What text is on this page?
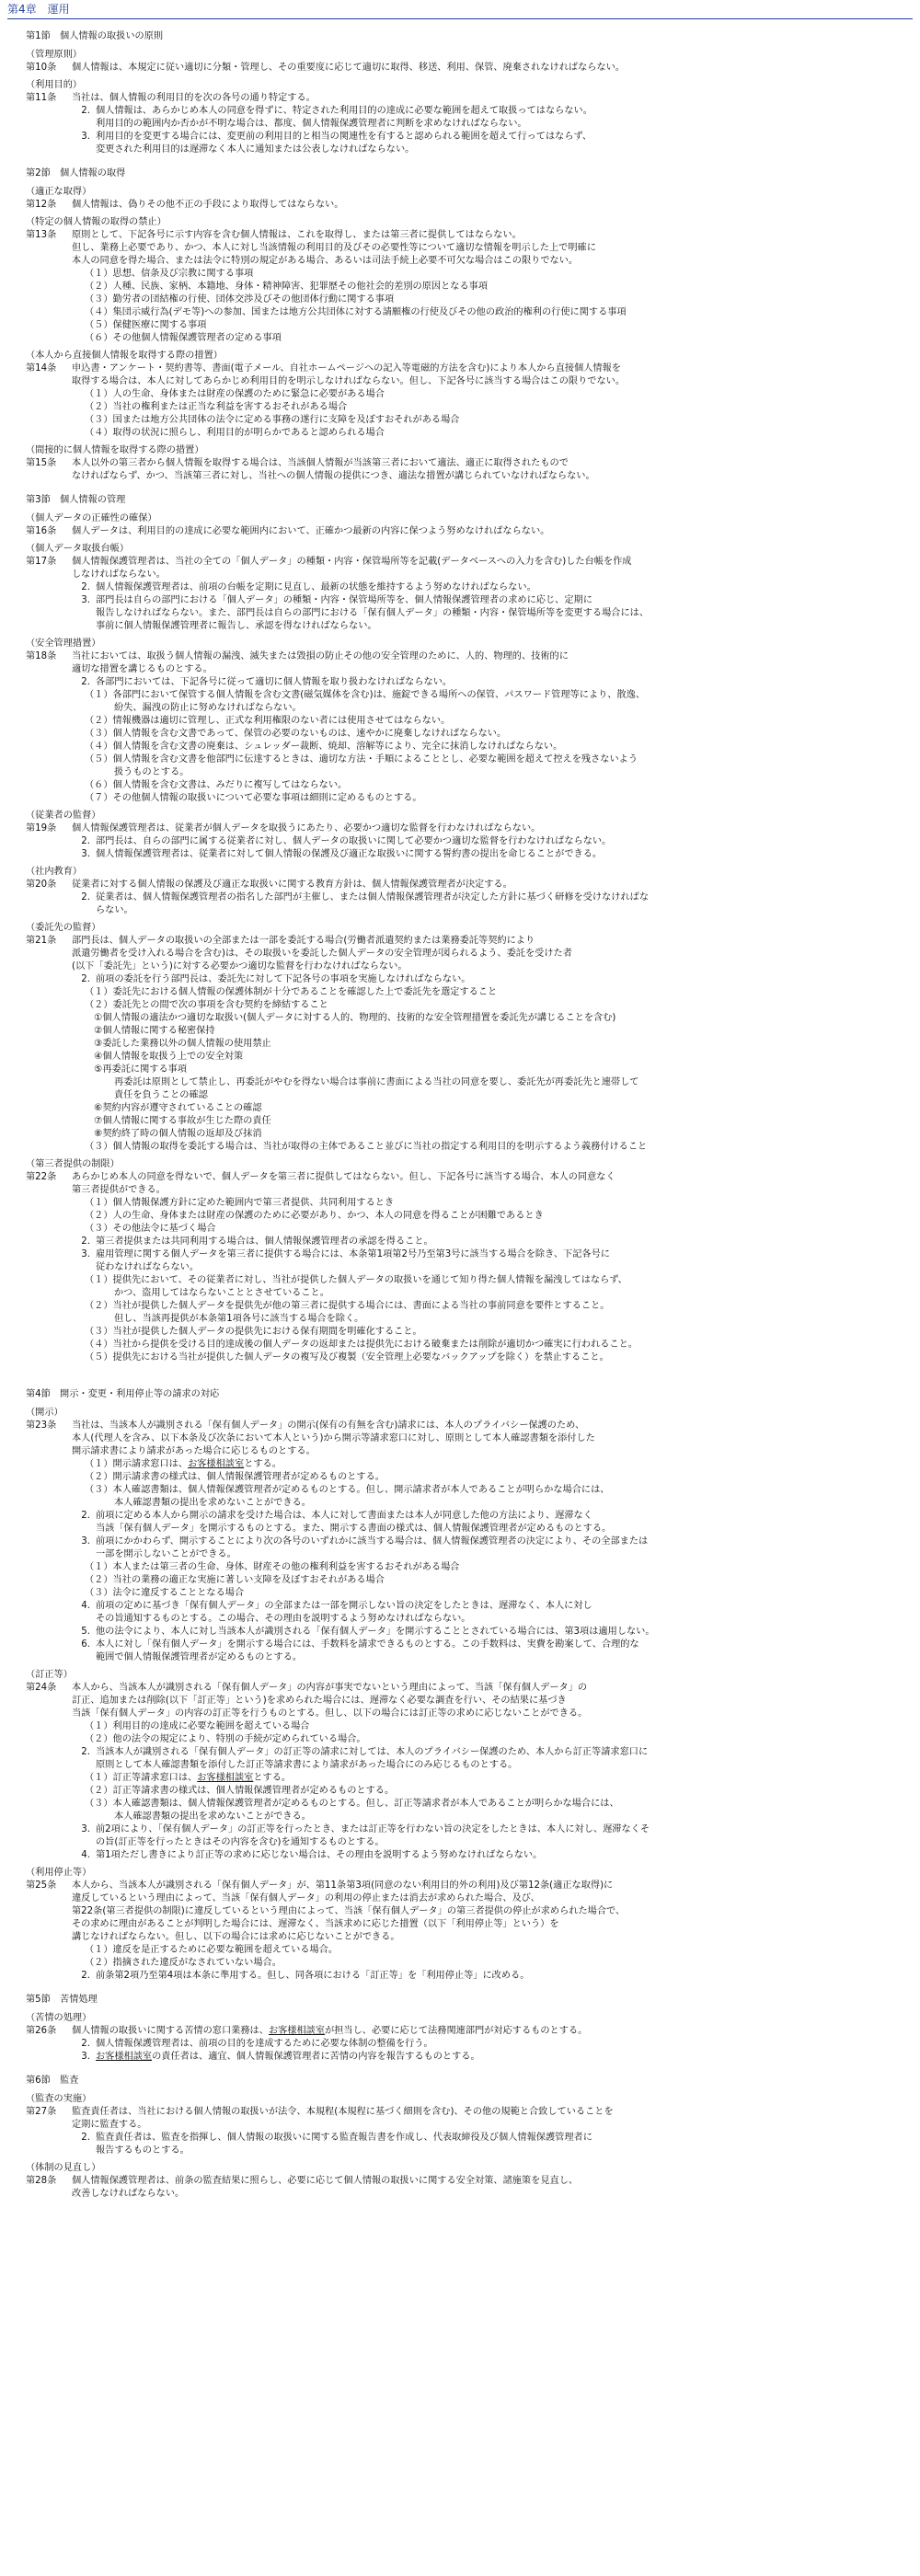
第4章　運用
第1節　個人情報の取扱いの原則
（管理原則）
第10条	個人情報は、本規定に従い適切に分類・管理し、その重要度に応じて適切に取得、移送、利用、保管、廃棄されなければならない。
（利用目的）
第11条	当社は、個人情報の利用目的を次の各号の通り特定する。
2. 個人情報は、あらかじめ本人の同意を得ずに、特定された利用目的の達成に必要な範囲を超えて取扱ってはならない。
利用目的の範囲内か否かが不明な場合は、都度、個人情報保護管理者に判断を求めなければならない。
3. 利用目的を変更する場合には、変更前の利用目的と相当の関連性を有すると認められる範囲を超えて行ってはならず、
変更された利用目的は遅滞なく本人に通知または公表しなければならない。
第2節　個人情報の取得
（適正な取得）
第12条	個人情報は、偽りその他不正の手段により取得してはならない。
（特定の個人情報の取得の禁止）
第13条	原則として、下記各号に示す内容を含む個人情報は、これを取得し、または第三者に提供してはならない。
但し、業務上必要であり、かつ、本人に対し当該情報の利用目的及びその必要性等について適切な情報を明示した上で明確に
本人の同意を得た場合、または法令に特別の規定がある場合、あるいは司法手続上必要不可欠な場合はこの限りでない。
（１）思想、信条及び宗教に関する事項
（２）人種、民族、家柄、本籍地、身体・精神障害、犯罪歴その他社会的差別の原因となる事項
（３）勤労者の団結権の行使、団体交渉及びその他団体行動に関する事項
（４）集団示威行為(デモ等)への参加、国または地方公共団体に対する請願権の行使及びその他の政治的権利の行使に関する事項
（５）保健医療に関する事項
（６）その他個人情報保護管理者の定める事項
（本人から直接個人情報を取得する際の措置）
第14条	申込書・アンケート・契約書等、書面(電子メール、自社ホームページへの記入等電磁的方法を含む)により本人から直接個人情報を
取得する場合は、本人に対してあらかじめ利用目的を明示しなければならない。但し、下記各号に該当する場合はこの限りでない。
（１）人の生命、身体または財産の保護のために緊急に必要がある場合
（２）当社の権利または正当な利益を害するおそれがある場合
（３）国または地方公共団体の法令に定める事務の遂行に支障を及ぼすおそれがある場合
（４）取得の状況に照らし、利用目的が明らかであると認められる場合
（間接的に個人情報を取得する際の措置）
第15条	本人以外の第三者から個人情報を取得する場合は、当該個人情報が当該第三者において適法、適正に取得されたもので
なければならず、かつ、当該第三者に対し、当社への個人情報の提供につき、適法な措置が講じられていなければならない。
第3節　個人情報の管理
（個人データの正確性の確保）
第16条	個人データは、利用目的の達成に必要な範囲内において、正確かつ最新の内容に保つよう努めなければならない。
（個人データ取扱台帳）
第17条	個人情報保護管理者は、当社の全ての「個人データ」の種類・内容・保管場所等を記載(データベースへの入力を含む)した台帳を作成
しなければならない。
2. 個人情報保護管理者は、前項の台帳を定期に見直し、最新の状態を維持するよう努めなければならない。
3. 部門長は自らの部門における「個人データ」の種類・内容・保管場所等を、個人情報保護管理者の求めに応じ、定期に
報告しなければならない。また、部門長は自らの部門における「保有個人データ」の種類・内容・保管場所等を変更する場合には、
事前に個人情報保護管理者に報告し、承認を得なければならない。
（安全管理措置）
第18条	当社においては、取扱う個人情報の漏洩、滅失または毀損の防止その他の安全管理のために、人的、物理的、技術的に
適切な措置を講じるものとする。
2. 各部門においては、下記各号に従って適切に個人情報を取り扱わなければならない。
（１）各部門において保管する個人情報を含む文書(磁気媒体を含む)は、施錠できる場所への保管、パスワード管理等により、散逸、
紛失、漏洩の防止に努めなければならない。
（２）情報機器は適切に管理し、正式な利用権限のない者には使用させてはならない。
（３）個人情報を含む文書であって、保管の必要のないものは、速やかに廃棄しなければならない。
（４）個人情報を含む文書の廃棄は、シュレッダー裁断、焼却、溶解等により、完全に抹消しなければならない。
（５）個人情報を含む文書を他部門に伝達するときは、適切な方法・手順によることとし、必要な範囲を超えて控えを残さないよう
扱うものとする。
（６）個人情報を含む文書は、みだりに複写してはならない。
（７）その他個人情報の取扱いについて必要な事項は細則に定めるものとする。
（従業者の監督）
第19条	個人情報保護管理者は、従業者が個人データを取扱うにあたり、必要かつ適切な監督を行わなければならない。
2. 部門長は、自らの部門に属する従業者に対し、個人データの取扱いに関して必要かつ適切な監督を行わなければならない。
3. 個人情報保護管理者は、従業者に対して個人情報の保護及び適正な取扱いに関する誓約書の提出を命じることができる。
（社内教育）
第20条	従業者に対する個人情報の保護及び適正な取扱いに関する教育方針は、個人情報保護管理者が決定する。
2. 従業者は、個人情報保護管理者の指名した部門が主催し、または個人情報保護管理者が決定した方針に基づく研修を受けなければな
らない。
（委託先の監督）
第21条	部門長は、個人データの取扱いの全部または一部を委託する場合(労働者派遣契約または業務委託等契約により
派遣労働者を受け入れる場合を含む)は、その取扱いを委託した個人データの安全管理が図られるよう、委託を受けた者
(以下「委託先」という)に対する必要かつ適切な監督を行わなければならない。
2. 前項の委託を行う部門長は、委託先に対して下記各号の事項を実施しなければならない。
（１）委託先における個人情報の保護体制が十分であることを確認した上で委託先を選定すること
（２）委託先との間で次の事項を含む契約を締結すること
　①個人情報の適法かつ適切な取扱い(個人データに対する人的、物理的、技術的な安全管理措置を委託先が講じることを含む)
　②個人情報に関する秘密保持
　③委託した業務以外の個人情報の使用禁止
　④個人情報を取扱う上での安全対策
　⑤再委託に関する事項
再委託は原則として禁止し、再委託がやむを得ない場合は事前に書面による当社の同意を要し、委託先が再委託先と連帯して
責任を負うことの確認
　⑥契約内容が遵守されていることの確認
　⑦個人情報に関する事故が生じた際の責任
　⑧契約終了時の個人情報の返却及び抹消
（３）個人情報の取得を委託する場合は、当社が取得の主体であること並びに当社の指定する利用目的を明示するよう義務付けること
（第三者提供の制限）
第22条	あらかじめ本人の同意を得ないで、個人データを第三者に提供してはならない。但し、下記各号に該当する場合、本人の同意なく
第三者提供ができる。
（１）個人情報保護方針に定めた範囲内で第三者提供、共同利用するとき
（２）人の生命、身体または財産の保護のために必要があり、かつ、本人の同意を得ることが困難であるとき
（３）その他法令に基づく場合
2. 第三者提供または共同利用する場合は、個人情報保護管理者の承認を得ること。
3. 雇用管理に関する個人データを第三者に提供する場合には、本条第1項第2号乃至第3号に該当する場合を除き、下記各号に
従わなければならない。
（１）提供先において、その従業者に対し、当社が提供した個人データの取扱いを通じて知り得た個人情報を漏洩してはならず、
かつ、盗用してはならないこととさせていること。
（２）当社が提供した個人データを提供先が他の第三者に提供する場合には、書面による当社の事前同意を要件とすること。
但し、当該再提供が本条第1項各号に該当する場合を除く。
（３）当社が提供した個人データの提供先における保有期間を明確化すること。
（４）当社から提供を受ける目的達成後の個人データの返却または提供先における破棄または削除が適切かつ確実に行われること。
（５）提供先における当社が提供した個人データの複写及び複製（安全管理上必要なバックアップを除く）を禁止すること。
第4節　開示・変更・利用停止等の請求の対応
（開示）
第23条	当社は、当該本人が識別される「保有個人データ」の開示(保有の有無を含む)請求には、本人のプライバシー保護のため、
本人(代理人を含み、以下本条及び次条において本人という)から開示等請求窓口に対し、原則として本人確認書類を添付した
開示請求書により請求があった場合に応じるものとする。
（１）開示請求窓口は、お客様相談室とする。
（２）開示請求書の様式は、個人情報保護管理者が定めるものとする。
（３）本人確認書類は、個人情報保護管理者が定めるものとする。但し、開示請求者が本人であることが明らかな場合には、
本人確認書類の提出を求めないことができる。
2. 前項に定める本人から開示の請求を受けた場合は、本人に対して書面または本人が同意した他の方法により、遅滞なく
当該「保有個人データ」を開示するものとする。また、開示する書面の様式は、個人情報保護管理者が定めるものとする。
3. 前項にかかわらず、開示することにより次の各号のいずれかに該当する場合は、個人情報保護管理者の決定により、その全部または
一部を開示しないことができる。
（１）本人または第三者の生命、身体、財産その他の権利利益を害するおそれがある場合
（２）当社の業務の適正な実施に著しい支障を及ぼすおそれがある場合
（３）法令に違反することとなる場合
4. 前項の定めに基づき「保有個人データ」の全部または一部を開示しない旨の決定をしたときは、遅滞なく、本人に対し
その旨通知するものとする。この場合、その理由を説明するよう努めなければならない。
5. 他の法令により、本人に対し当該本人が識別される「保有個人データ」を開示することとされている場合には、第3項は適用しない。
6. 本人に対し「保有個人データ」を開示する場合には、手数料を請求できるものとする。この手数料は、実費を勘案して、合理的な
範囲で個人情報保護管理者が定めるものとする。
（訂正等）
第24条	本人から、当該本人が識別される「保有個人データ」の内容が事実でないという理由によって、当該「保有個人データ」の
訂正、追加または削除(以下「訂正等」という)を求められた場合には、遅滞なく必要な調査を行い、その結果に基づき
当該「保有個人データ」の内容の訂正等を行うものとする。但し、以下の場合には訂正等の求めに応じないことができる。
（１）利用目的の達成に必要な範囲を超えている場合
（２）他の法令の規定により、特別の手続が定められている場合。
2. 当該本人が識別される「保有個人データ」の訂正等の請求に対しては、本人のプライバシー保護のため、本人から訂正等請求窓口に
原則として本人確認書類を添付した訂正等請求書により請求があった場合にのみ応じるものとする。
（１）訂正等請求窓口は、お客様相談室とする。
（２）訂正等請求書の様式は、個人情報保護管理者が定めるものとする。
（３）本人確認書類は、個人情報保護管理者が定めるものとする。但し、訂正等請求者が本人であることが明らかな場合には、
本人確認書類の提出を求めないことができる。
3. 前2項により、「保有個人データ」の訂正等を行ったとき、または訂正等を行わない旨の決定をしたときは、本人に対し、遅滞なくそ
の旨(訂正等を行ったときはその内容を含む)を通知するものとする。
4. 第1項ただし書きにより訂正等の求めに応じない場合は、その理由を説明するよう努めなければならない。
（利用停止等）
第25条	本人から、当該本人が識別される「保有個人データ」が、第11条第3項(同意のない利用目的外の利用)及び第12条(適正な取得)に
違反しているという理由によって、当該「保有個人データ」の利用の停止または消去が求められた場合、及び、
第22条(第三者提供の制限)に違反しているという理由によって、当該「保有個人データ」の第三者提供の停止が求められた場合で、
その求めに理由があることが判明した場合には、遅滞なく、当該求めに応じた措置（以下「利用停止等」という）を
講じなければならない。但し、以下の場合には求めに応じないことができる。
（１）違反を是正するために必要な範囲を超えている場合。
（２）指摘された違反がなされていない場合。
2. 前条第2項乃至第4項は本条に準用する。但し、同各項における「訂正等」を「利用停止等」に改める。
第5節　苦情処理
（苦情の処理）
第26条	個人情報の取扱いに関する苦情の窓口業務は、お客様相談室が担当し、必要に応じて法務関連部門が対応するものとする。
2. 個人情報保護管理者は、前項の目的を達成するために必要な体制の整備を行う。
3. お客様相談室の責任者は、適宜、個人情報保護管理者に苦情の内容を報告するものとする。
第6節　監査
（監査の実施）
第27条	監査責任者は、当社における個人情報の取扱いが法令、本規程(本規程に基づく細則を含む)、その他の規範と合致していることを
定期に監査する。
2. 監査責任者は、監査を指揮し、個人情報の取扱いに関する監査報告書を作成し、代表取締役及び個人情報保護管理者に
報告するものとする。
（体制の見直し）
第28条	個人情報保護管理者は、前条の監査結果に照らし、必要に応じて個人情報の取扱いに関する安全対策、諸施策を見直し、
改善しなければならない。
